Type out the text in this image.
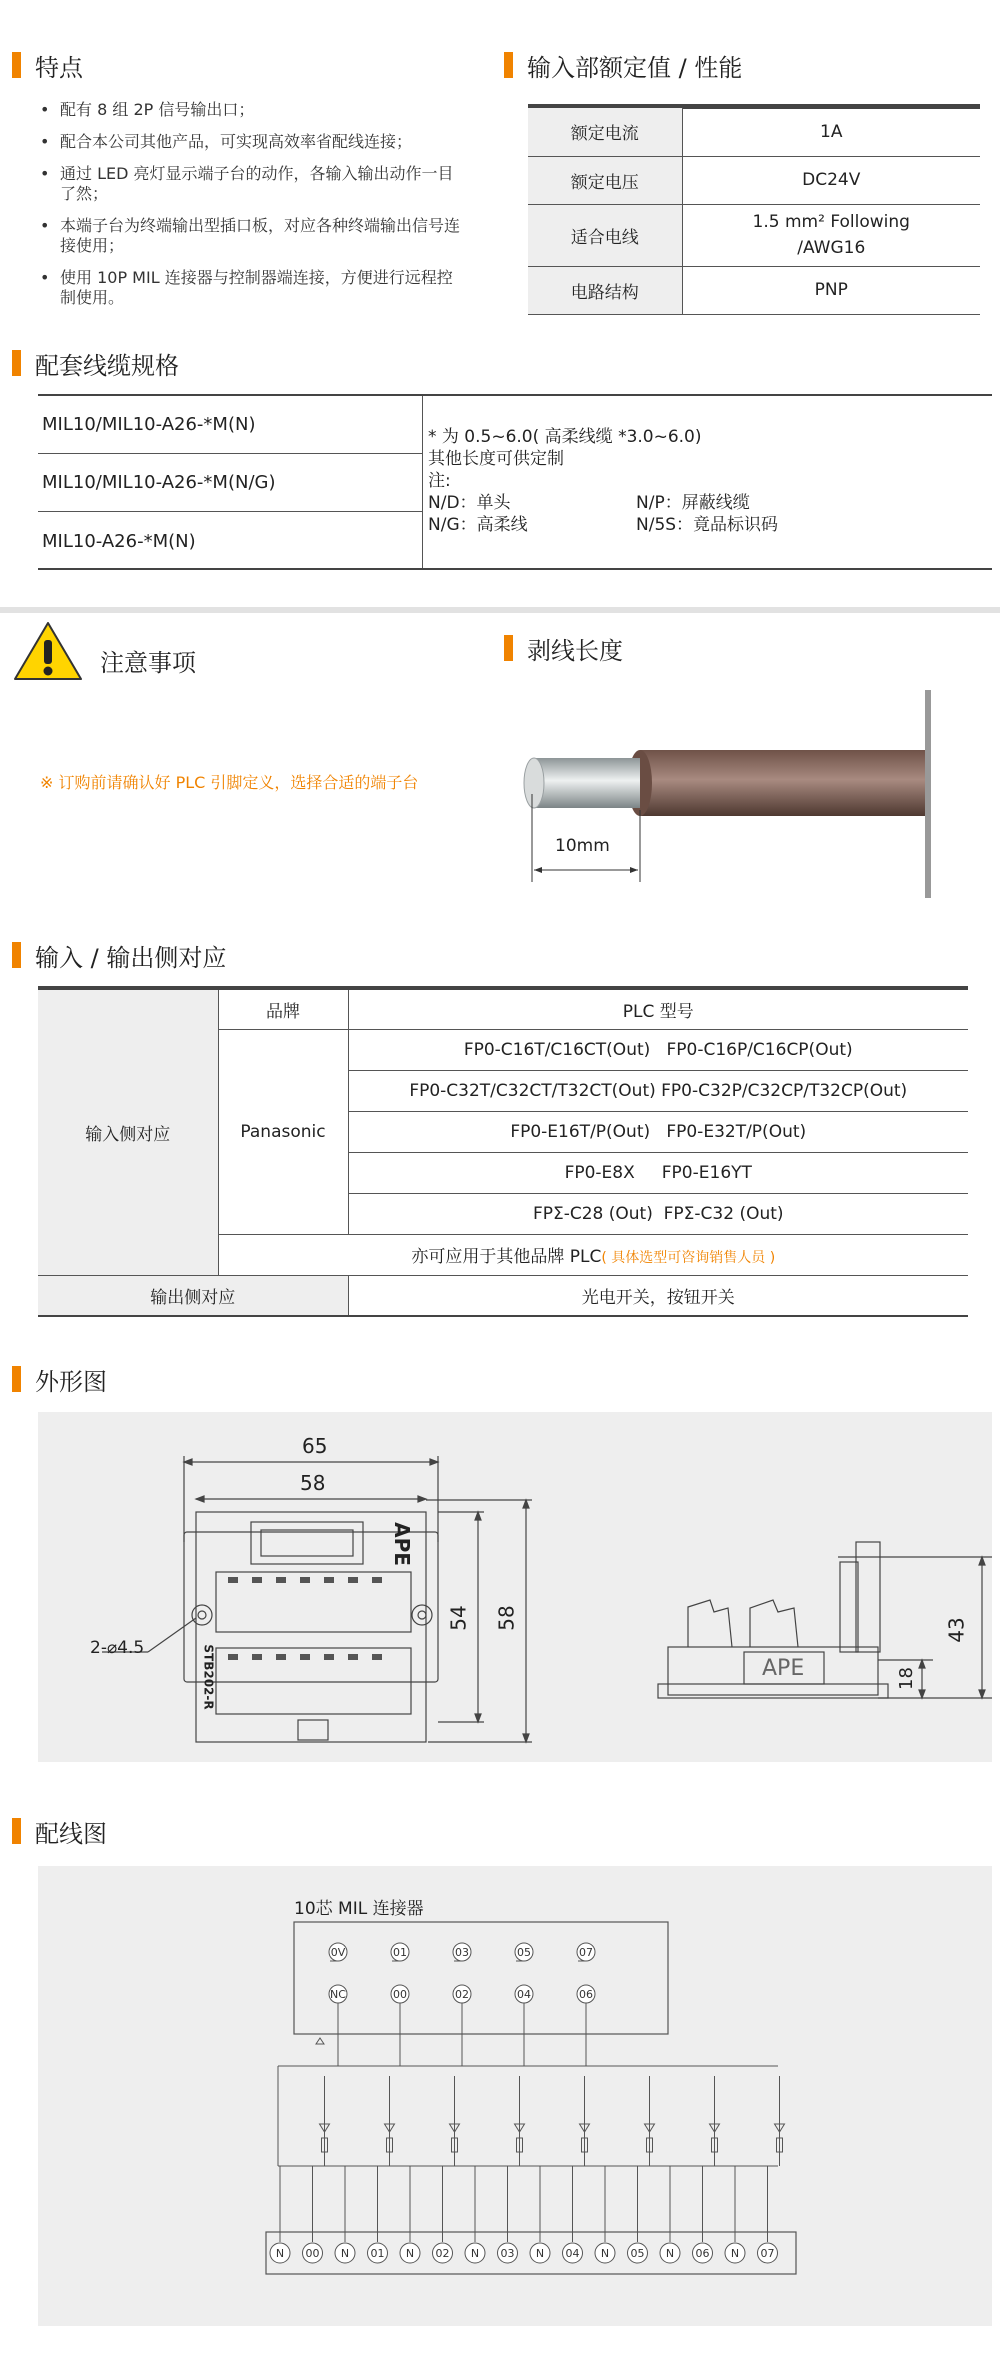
特点
• 配有 8 组 2P 信号输出口；
• 配合本公司其他产品，可实现高效率省配线连接；
• 通过 LED 亮灯显示端子台的动作，各输入输出动作一目了然；
• 本端子台为终端输出型插口板，对应各种终端输出信号连接使用；
• 使用 10P MIL 连接器与控制器端连接，方便进行远程控制使用。
输入部额定值 / 性能
额定电流	1A
额定电压	DC24V
适合电线	1.5 mm² Following /AWG16

电路结构	PNP
配套线缆规格
MIL10/MIL10-A26-*M(N)
MIL10/MIL10-A26-*M(N/G)
MIL10-A26-*M(N)
* 为 0.5~6.0( 高柔线缆 *3.0~6.0)
其他长度可供定制
注:
N/D：单头	N/P：屏蔽线缆
N/G：高柔线	N/5S：竟品标识码
注意事项
※ 订购前请确认好 PLC 引脚定义，选择合适的端子台
剥线长度
10mm
输入 / 输出侧对应
输入侧对应	品牌	PLC 型号
	Panasonic	FP0-C16T/C16CT(Out)   FP0-C16P/C16CP(Out)
		FP0-C32T/C32CT/T32CT(Out) FP0-C32P/C32CP/T32CP(Out)
		FP0-E16T/P(Out)   FP0-E32T/P(Out)
		FP0-E8X     FP0-E16YT
		FPΣ-C28 (Out)  FPΣ-C32 (Out)
	亦可应用于其他品牌 PLC( 具体选型可咨询销售人员 )	
输出侧对应		光电开关，按钮开关
外形图
65
58
54 58
2-⌀4.5
APE
STB202-R	APE
43
18
配线图
10芯 MIL 连接器
0V	01	03	05	07
NC	00	02	04	06
N 00 N 01 N 02 N 03 N 04 N 05 N 06 N 07
